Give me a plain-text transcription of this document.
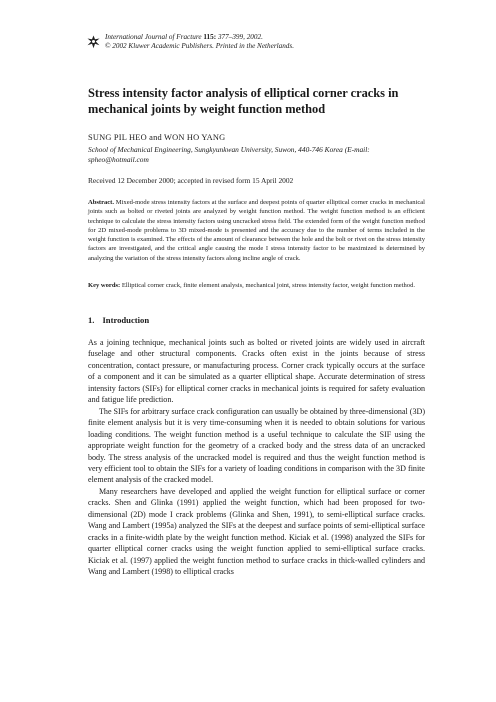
International Journal of Fracture 115: 377–399, 2002.
© 2002 Kluwer Academic Publishers. Printed in the Netherlands.
Stress intensity factor analysis of elliptical corner cracks in mechanical joints by weight function method
SUNG PIL HEO and WON HO YANG
School of Mechanical Engineering, Sungkyunkwan University, Suwon, 440-746 Korea (E-mail: spheo@hotmail.com
Received 12 December 2000; accepted in revised form 15 April 2002
Abstract. Mixed-mode stress intensity factors at the surface and deepest points of quarter elliptical corner cracks in mechanical joints such as bolted or riveted joints are analyzed by weight function method. The weight function method is an efficient technique to calculate the stress intensity factors using uncracked stress field. The extended form of the weight function method for 2D mixed-mode problems to 3D mixed-mode is presented and the accuracy due to the number of terms included in the weight function is examined. The effects of the amount of clearance between the hole and the bolt or rivet on the stress intensity factors are investigated, and the critical angle causing the mode I stress intensity factor to be maximized is determined by analyzing the variation of the stress intensity factors along incline angle of crack.
Key words: Elliptical corner crack, finite element analysis, mechanical joint, stress intensity factor, weight function method.
1. Introduction

As a joining technique, mechanical joints such as bolted or riveted joints are widely used in aircraft fuselage and other structural components. Cracks often exist in the joints because of stress concentration, contact pressure, or manufacturing process. Corner crack typically occurs at the surface of a component and it can be simulated as a quarter elliptical shape. Accurate determination of stress intensity factors (SIFs) for elliptical corner cracks in mechanical joints is required for safety evaluation and fatigue life prediction.

The SIFs for arbitrary surface crack configuration can usually be obtained by three-dimensional (3D) finite element analysis but it is very time-consuming when it is needed to obtain solutions for various loading conditions. The weight function method is a useful technique to calculate the SIF using the appropriate weight function for the geometry of a cracked body and the stress data of an uncracked body. The stress analysis of the uncracked model is required and thus the weight function method is very efficient tool to obtain the SIFs for a variety of loading conditions in comparison with the 3D finite element analysis of the cracked model.

Many researchers have developed and applied the weight function for elliptical surface or corner cracks. Shen and Glinka (1991) applied the weight function, which had been proposed for two-dimensional (2D) mode I crack problems (Glinka and Shen, 1991), to semi-elliptical surface cracks. Wang and Lambert (1995a) analyzed the SIFs at the deepest and surface points of semi-elliptical surface cracks in a finite-width plate by the weight function method. Kiciak et al. (1998) analyzed the SIFs for quarter elliptical corner cracks using the weight function applied to semi-elliptical surface cracks. Kiciak et al. (1997) applied the weight function method to surface cracks in thick-walled cylinders and Wang and Lambert (1998) to elliptical cracks
